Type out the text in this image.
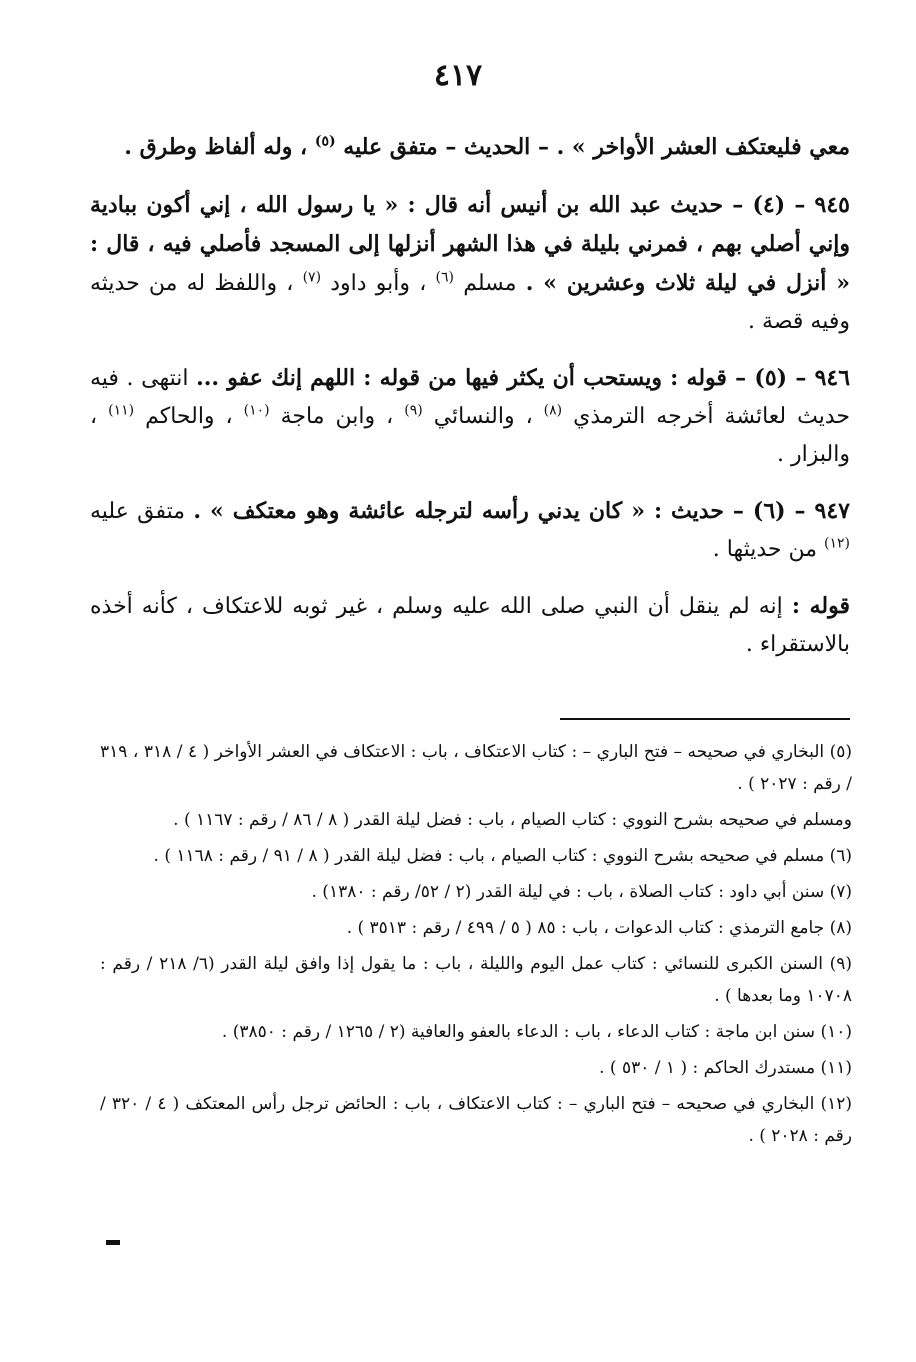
٤١٧

معي فليعتكف العشر الأواخر » . – الحديث – متفق عليه $^{(٥)}$ ، وله ألفاظ وطرق .

٩٤٥ – (٤) – حديث عبد الله بن أنيس أنه قال : « يا رسول الله ، إني أكون ببادية وإني أصلي بهم ، فمرني بليلة في هذا الشهر أنزلها إلى المسجد فأصلي فيه ، قال : « أنزل في ليلة ثلاث وعشرين » . مسلم $^{(٦)}$ ، وأبو داود $^{(٧)}$ ، واللفظ له من حديثه وفيه قصة .

٩٤٦ – (٥) – قوله : ويستحب أن يكثر فيها من قوله : اللهم إنك عفو ... انتهى . فيه حديث لعائشة أخرجه الترمذي $^{(٨)}$ ، والنسائي $^{(٩)}$ ، وابن ماجة $^{(١٠)}$ ، والحاكم $^{(١١)}$ ، والبزار .

٩٤٧ – (٦) – حديث : « كان يدني رأسه لترجله عائشة وهو معتكف » . متفق عليه $^{(١٢)}$ من حديثها .

قوله : إنه لم ينقل أن النبي صلى الله عليه وسلم ، غير ثوبه للاعتكاف ، كأنه أخذه بالاستقراء .

(٥) البخاري في صحيحه – فتح الباري – : كتاب الاعتكاف ، باب : الاعتكاف في العشر الأواخر ( ٤ / ٣١٨ ، ٣١٩ / رقم : ٢٠٢٧ ) .
ومسلم في صحيحه بشرح النووي : كتاب الصيام ، باب : فضل ليلة القدر ( ٨ / ٨٦ / رقم : ١١٦٧ ) .
(٦) مسلم في صحيحه بشرح النووي : كتاب الصيام ، باب : فضل ليلة القدر ( ٨ / ٩١ / رقم : ١١٦٨ ) .
(٧) سنن أبي داود : كتاب الصلاة ، باب : في ليلة القدر (٢ / ٥٢/ رقم : ١٣٨٠) .
(٨) جامع الترمذي : كتاب الدعوات ، باب : ٨٥ ( ٥ / ٤٩٩ / رقم : ٣٥١٣ ) .
(٩) السنن الكبرى للنسائي : كتاب عمل اليوم والليلة ، باب : ما يقول إذا وافق ليلة القدر (٦/ ٢١٨ / رقم : ١٠٧٠٨ وما بعدها ) .
(١٠) سنن ابن ماجة : كتاب الدعاء ، باب : الدعاء بالعفو والعافية (٢ / ١٢٦٥ / رقم : ٣٨٥٠) .
(١١) مستدرك الحاكم : ( ١ / ٥٣٠ ) .
(١٢) البخاري في صحيحه – فتح الباري – : كتاب الاعتكاف ، باب : الحائض ترجل رأس المعتكف ( ٤ / ٣٢٠ / رقم : ٢٠٢٨ ) .
